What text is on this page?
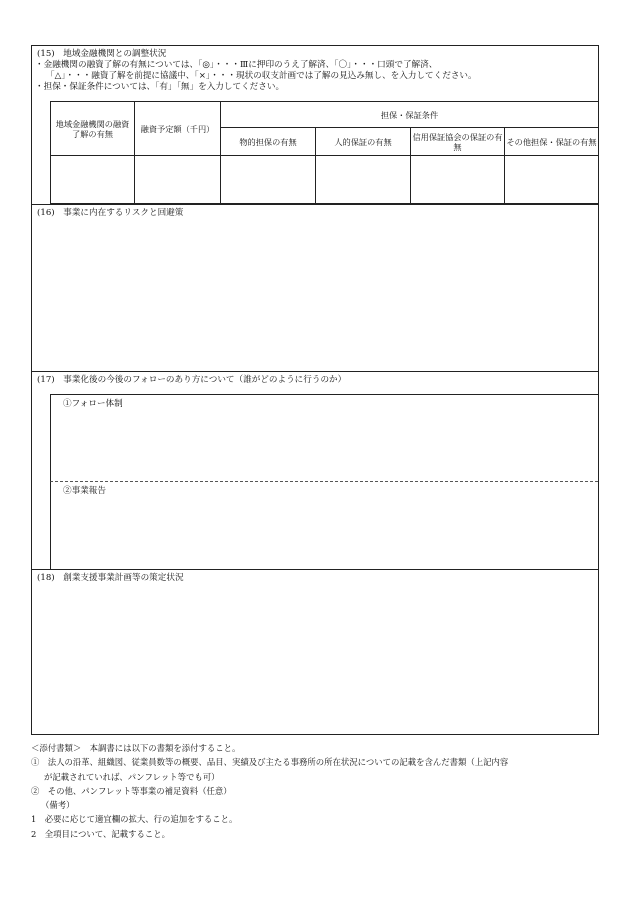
(15)　地域金融機関との調整状況
・金融機関の融資了解の有無については、「◎」・・・Ⅲに押印のうえ了解済、「〇」・・・口頭で了解済、
「△」・・・融資了解を前提に協議中、「×」・・・現状の収支計画では了解の見込み無し、を入力してください。
・担保・保証条件については、「有」「無」を入力してください。
地域金融機関の融資了解の有無	融資予定額（千円）	担保・保証条件			
		物的担保の有無	人的保証の有無	信用保証協会の保証の有無	その他担保・保証の有無

(16)　事業に内在するリスクと回避策
(17)　事業化後の今後のフォローのあり方について（誰がどのように行うのか）
①フォロー体制
②事業報告
(18)　創業支援事業計画等の策定状況
＜添付書類＞　本調書には以下の書類を添付すること。
①　法人の沿革、組織図、従業員数等の概要、品目、実績及び主たる事務所の所在状況についての記載を含んだ書類（上記内容
が記載されていれば、パンフレット等でも可）
②　その他、パンフレット等事業の補足資料（任意）
（備考）
1　必要に応じて適宜欄の拡大、行の追加をすること。
2　全項目について、記載すること。
